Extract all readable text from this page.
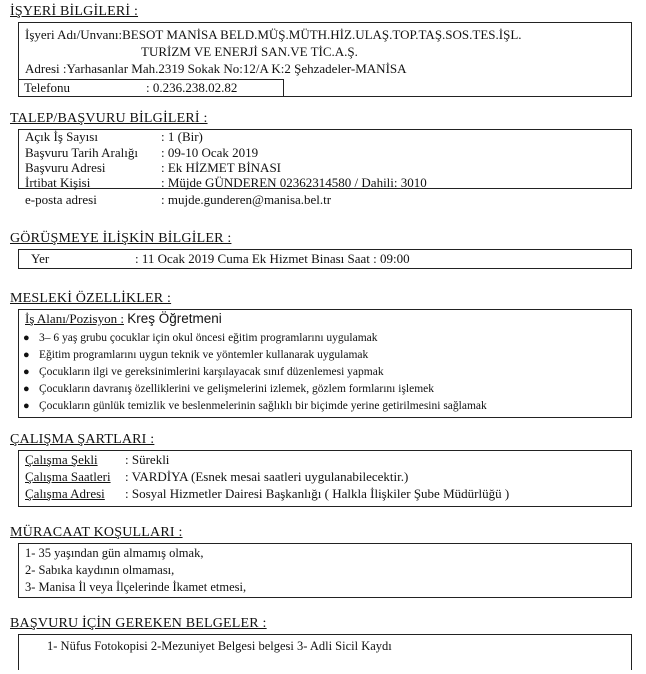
İŞYERİ BİLGİLERİ :
İşyeri Adı/Unvanı:BESOT MANİSA BELD.MÜŞ.MÜTH.HİZ.ULAŞ.TOP.TAŞ.SOS.TES.İŞL.
TURİZM VE ENERJİ SAN.VE TİC.A.Ş.
Adresi :Yarhasanlar Mah.2319 Sokak No:12/A K:2 Şehzadeler-MANİSA
Telefonu	: 0.236.238.02.82
TALEP/BAŞVURU BİLGİLERİ :
Açık İş Sayısı	: 1 (Bir)
Başvuru Tarih Aralığı : 09-10 Ocak 2019
Başvuru Adresi	: Ek HİZMET BİNASI
İrtibat Kişisi	: Müjde GÜNDEREN 02362314580 / Dahili: 3010
e-posta adresi	: mujde.gunderen@manisa.bel.tr
GÖRÜŞMEYE İLİŞKİN BİLGİLER :
Yer	: 11 Ocak 2019 Cuma Ek Hizmet Binası Saat : 09:00
MESLEKİ ÖZELLİKLER :
İş Alanı/Pozisyon : Kreş Öğretmeni
● 3– 6 yaş grubu çocuklar için okul öncesi eğitim programlarını uygulamak
● Eğitim programlarını uygun teknik ve yöntemler kullanarak uygulamak
● Çocukların ilgi ve gereksinimlerini karşılayacak sınıf düzenlemesi yapmak
● Çocukların davranış özelliklerini ve gelişmelerini izlemek, gözlem formlarını işlemek
● Çocukların günlük temizlik ve beslenmelerinin sağlıklı bir biçimde yerine getirilmesini sağlamak
ÇALIŞMA ŞARTLARI :
Çalışma Şekli : Sürekli
Çalışma Saatleri : VARDİYA (Esnek mesai saatleri uygulanabilecektir.)
Çalışma Adresi : Sosyal Hizmetler Dairesi Başkanlığı ( Halkla İlişkiler Şube Müdürlüğü )
MÜRACAAT KOŞULLARI :
1- 35 yaşından gün almamış olmak,
2- Sabıka kaydının olmaması,
3- Manisa İl veya İlçelerinde İkamet etmesi,
BAŞVURU İÇİN GEREKEN BELGELER :
1- Nüfus Fotokopisi 2-Mezuniyet Belgesi belgesi 3- Adli Sicil Kaydı
